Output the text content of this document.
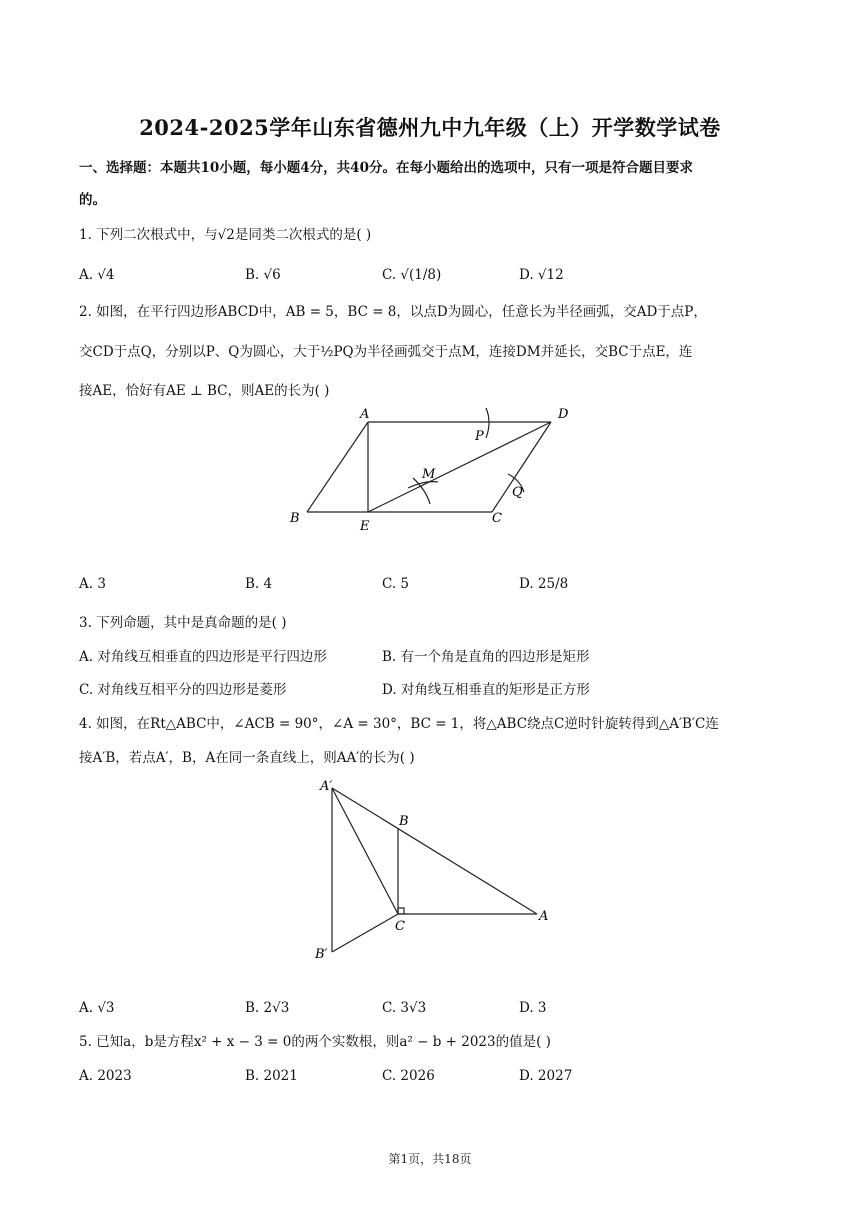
2024-2025学年山东省德州九中九年级（上）开学数学试卷
一、选择题：本题共10小题，每小题4分，共40分。在每小题给出的选项中，只有一项是符合题目要求
的。
1. 下列二次根式中，与√2是同类二次根式的是( )
A. √4	B. √6	C. √(1/8)	D. √12
2. 如图，在平行四边形ABCD中，AB = 5，BC = 8，以点D为圆心，任意长为半径画弧，交AD于点P，
交CD于点Q，分别以P、Q为圆心，大于½PQ为半径画弧交于点M，连接DM并延长，交BC于点E，连
接AE，恰好有AE ⊥ BC，则AE的长为( )
A	D
P
M
Q
B
E
C
A. 3	B. 4	C. 5	D. 25/8
3. 下列命题，其中是真命题的是( )
A. 对角线互相垂直的四边形是平行四边形	B. 有一个角是直角的四边形是矩形
C. 对角线互相平分的四边形是菱形	D. 对角线互相垂直的矩形是正方形
4. 如图，在Rt△ABC中，∠ACB = 90°，∠A = 30°，BC = 1，将△ABC绕点C逆时针旋转得到△A′B′C连
接A′B，若点A′，B，A在同一条直线上，则AA′的长为( )
A′
B
C
A
B′
A. √3	B. 2√3	C. 3√3	D. 3
5. 已知a，b是方程x² + x − 3 = 0的两个实数根，则a² − b + 2023的值是( )
A. 2023	B. 2021	C. 2026	D. 2027
第1页，共18页
